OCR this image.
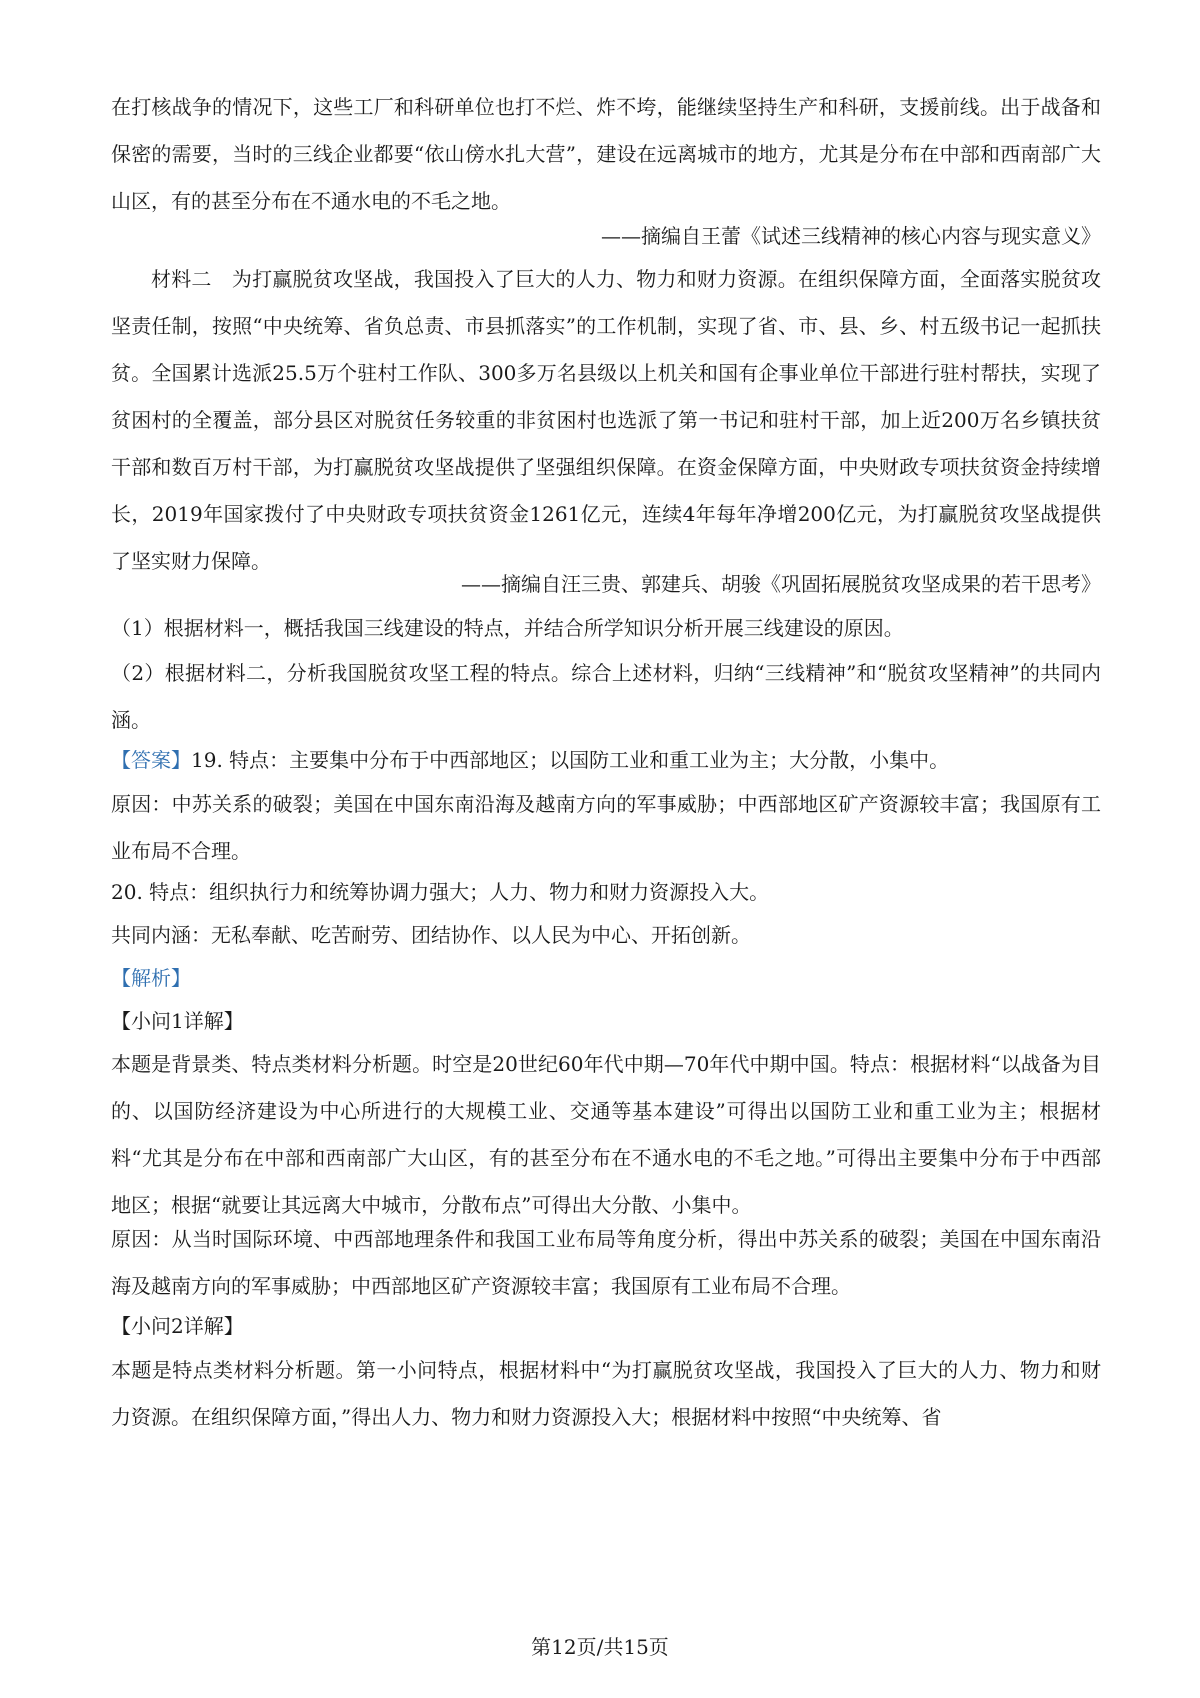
在打核战争的情况下，这些工厂和科研单位也打不烂、炸不垮，能继续坚持生产和科研，支援前线。出于战备和保密的需要，当时的三线企业都要“依山傍水扎大营”，建设在远离城市的地方，尤其是分布在中部和西南部广大山区，有的甚至分布在不通水电的不毛之地。

——摘编自王蕾《试述三线精神的核心内容与现实意义》

材料二　为打赢脱贫攻坚战，我国投入了巨大的人力、物力和财力资源。在组织保障方面，全面落实脱贫攻坚责任制，按照“中央统筹、省负总责、市县抓落实”的工作机制，实现了省、市、县、乡、村五级书记一起抓扶贫。全国累计选派25.5万个驻村工作队、300多万名县级以上机关和国有企事业单位干部进行驻村帮扶，实现了贫困村的全覆盖，部分县区对脱贫任务较重的非贫困村也选派了第一书记和驻村干部，加上近200万名乡镇扶贫干部和数百万村干部，为打赢脱贫攻坚战提供了坚强组织保障。在资金保障方面，中央财政专项扶贫资金持续增长，2019年国家拨付了中央财政专项扶贫资金1261亿元，连续4年每年净增200亿元，为打赢脱贫攻坚战提供了坚实财力保障。

——摘编自汪三贵、郭建兵、胡骏《巩固拓展脱贫攻坚成果的若干思考》

（1）根据材料一，概括我国三线建设的特点，并结合所学知识分析开展三线建设的原因。

（2）根据材料二，分析我国脱贫攻坚工程的特点。综合上述材料，归纳“三线精神”和“脱贫攻坚精神”的共同内涵。

【答案】19. 特点：主要集中分布于中西部地区；以国防工业和重工业为主；大分散，小集中。

原因：中苏关系的破裂；美国在中国东南沿海及越南方向的军事威胁；中西部地区矿产资源较丰富；我国原有工业布局不合理。

20. 特点：组织执行力和统筹协调力强大；人力、物力和财力资源投入大。

共同内涵：无私奉献、吃苦耐劳、团结协作、以人民为中心、开拓创新。

【解析】

【小问1详解】

本题是背景类、特点类材料分析题。时空是20世纪60年代中期—70年代中期中国。特点：根据材料“以战备为目的、以国防经济建设为中心所进行的大规模工业、交通等基本建设”可得出以国防工业和重工业为主；根据材料“尤其是分布在中部和西南部广大山区，有的甚至分布在不通水电的不毛之地。”可得出主要集中分布于中西部地区；根据“就要让其远离大中城市，分散布点”可得出大分散、小集中。

原因：从当时国际环境、中西部地理条件和我国工业布局等角度分析，得出中苏关系的破裂；美国在中国东南沿海及越南方向的军事威胁；中西部地区矿产资源较丰富；我国原有工业布局不合理。

【小问2详解】

本题是特点类材料分析题。第一小问特点，根据材料中“为打赢脱贫攻坚战，我国投入了巨大的人力、物力和财力资源。在组织保障方面，”得出人力、物力和财力资源投入大；根据材料中按照“中央统筹、省

第12页/共15页
